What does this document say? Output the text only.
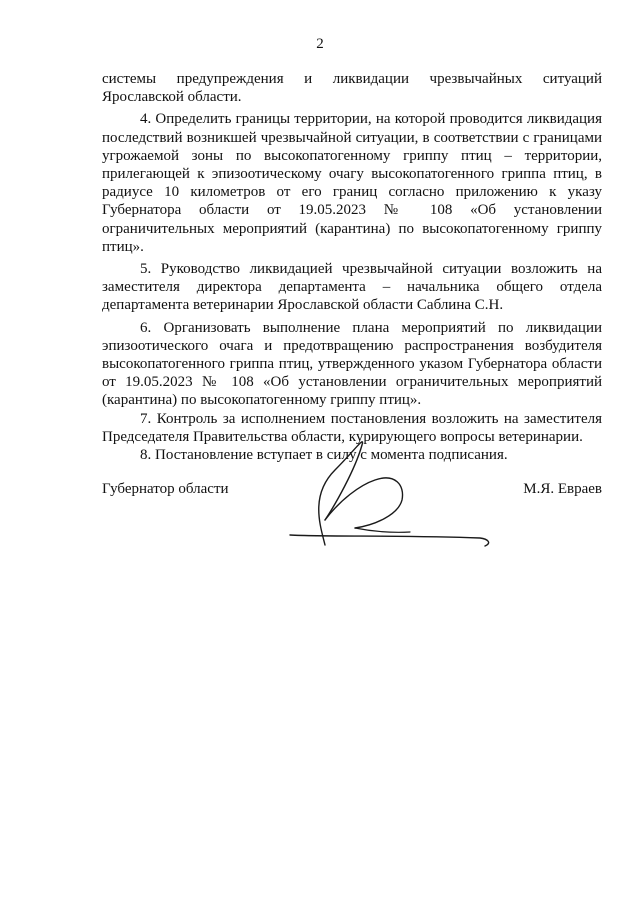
2

системы предупреждения и ликвидации чрезвычайных ситуаций Ярославской области.

4. Определить границы территории, на которой проводится ликвидация последствий возникшей чрезвычайной ситуации, в соответствии с границами угрожаемой зоны по высокопатогенному гриппу птиц – территории, прилегающей к эпизоотическому очагу высокопатогенного гриппа птиц, в радиусе 10 километров от его границ согласно приложению к указу Губернатора области от 19.05.2023 № 108 «Об установлении ограничительных мероприятий (карантина) по высокопатогенному гриппу птиц».

5. Руководство ликвидацией чрезвычайной ситуации возложить на заместителя директора департамента – начальника общего отдела департамента ветеринарии Ярославской области Саблина С.Н.

6. Организовать выполнение плана мероприятий по ликвидации эпизоотического очага и предотвращению распространения возбудителя высокопатогенного гриппа птиц, утвержденного указом Губернатора области от 19.05.2023 № 108 «Об установлении ограничительных мероприятий (карантина) по высокопатогенному гриппу птиц».

7. Контроль за исполнением постановления возложить на заместителя Председателя Правительства области, курирующего вопросы ветеринарии.

8. Постановление вступает в силу с момента подписания.

Губернатор области	М.Я. Евраев
